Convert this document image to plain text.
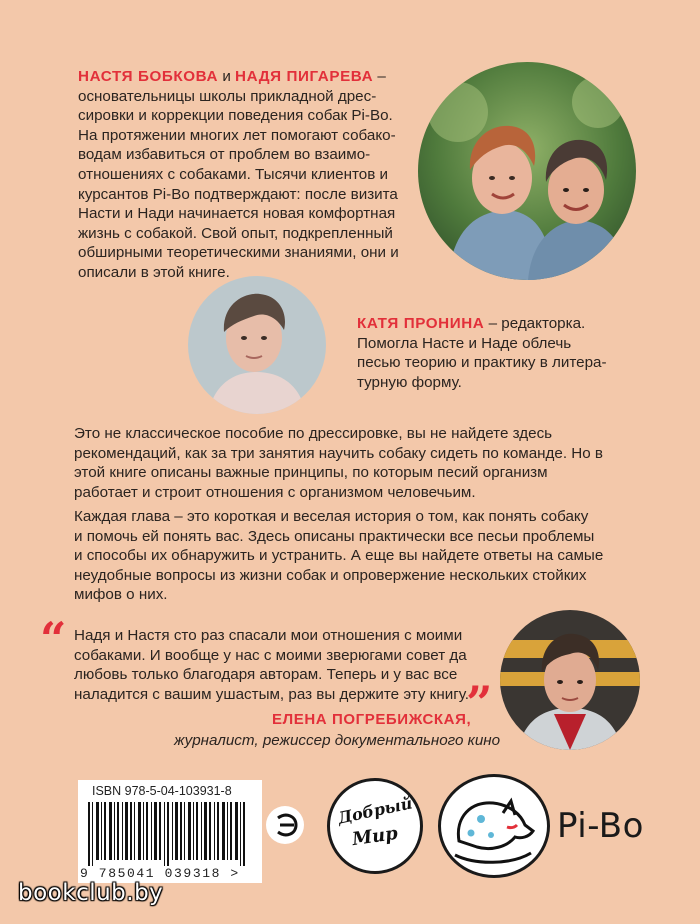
НАСТЯ БОБКОВА и НАДЯ ПИГАРЕВА –
основательницы школы прикладной дрес-
сировки и коррекции поведения собак Pi-Bo.
На протяжении многих лет помогают собако-
водам избавиться от проблем во взаимо-
отношениях с собаками. Тысячи клиентов и
курсантов Pi-Bo подтверждают: после визита
Насти и Нади начинается новая комфортная
жизнь с собакой. Свой опыт, подкрепленный
обширными теоретическими знаниями, они и
описали в этой книге.
КАТЯ ПРОНИНА – редакторка.
Помогла Насте и Наде облечь
песью теорию и практику в литера-
турную форму.
Это не классическое пособие по дрессировке, вы не найдете здесь
рекомендаций, как за три занятия научить собаку сидеть по команде. Но в
этой книге описаны важные принципы, по которым песий организм
работает и строит отношения с организмом человечьим.
Каждая глава – это короткая и веселая история о том, как понять собаку
и помочь ей понять вас. Здесь описаны практически все песьи проблемы
и способы их обнаружить и устранить. А еще вы найдете ответы на самые
неудобные вопросы из жизни собак и опровержение нескольких стойких
мифов о них.
“ Надя и Настя сто раз спасали мои отношения с моими
собаками. И вообще у нас с моими зверюгами совет да
любовь только благодаря авторам. Теперь и у вас все
наладится с вашим ушастым, раз вы держите эту книгу.
”
ЕЛЕНА ПОГРЕБИЖСКАЯ,
журналист, режиссер документального кино
ISBN 978-5-04-103931-8
9 785041 039318 >
Добрый
Мир	Pi-Bo
bookclub.by
